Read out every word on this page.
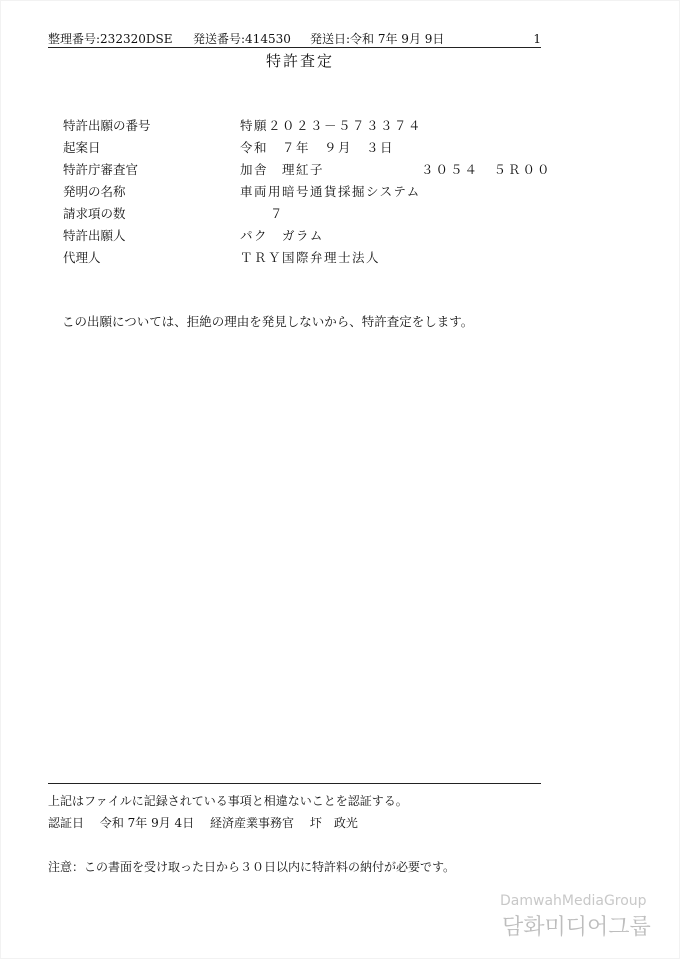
整理番号:232320DSE 発送番号:414530 発送日:令和 7年 9月 9日	1
特許査定
特許出願の番号	特願２０２３－５７３３７４
起案日	令和　７年　９月　３日
特許庁審査官	加舎　理紅子	３０５４　５Ｒ００
発明の名称	車両用暗号通貨採掘システム
請求項の数	７
特許出願人	パク　ガラム
代理人	ＴＲＹ国際弁理士法人
この出願については、拒絶の理由を発見しないから、特許査定をします。
上記はファイルに記録されている事項と相違ないことを認証する。
認証日 令和 7年 9月 4日 経済産業事務官 圷　政光
注意：この書面を受け取った日から３０日以内に特許料の納付が必要です。
DamwahMediaGroup
담화미디어그룹
